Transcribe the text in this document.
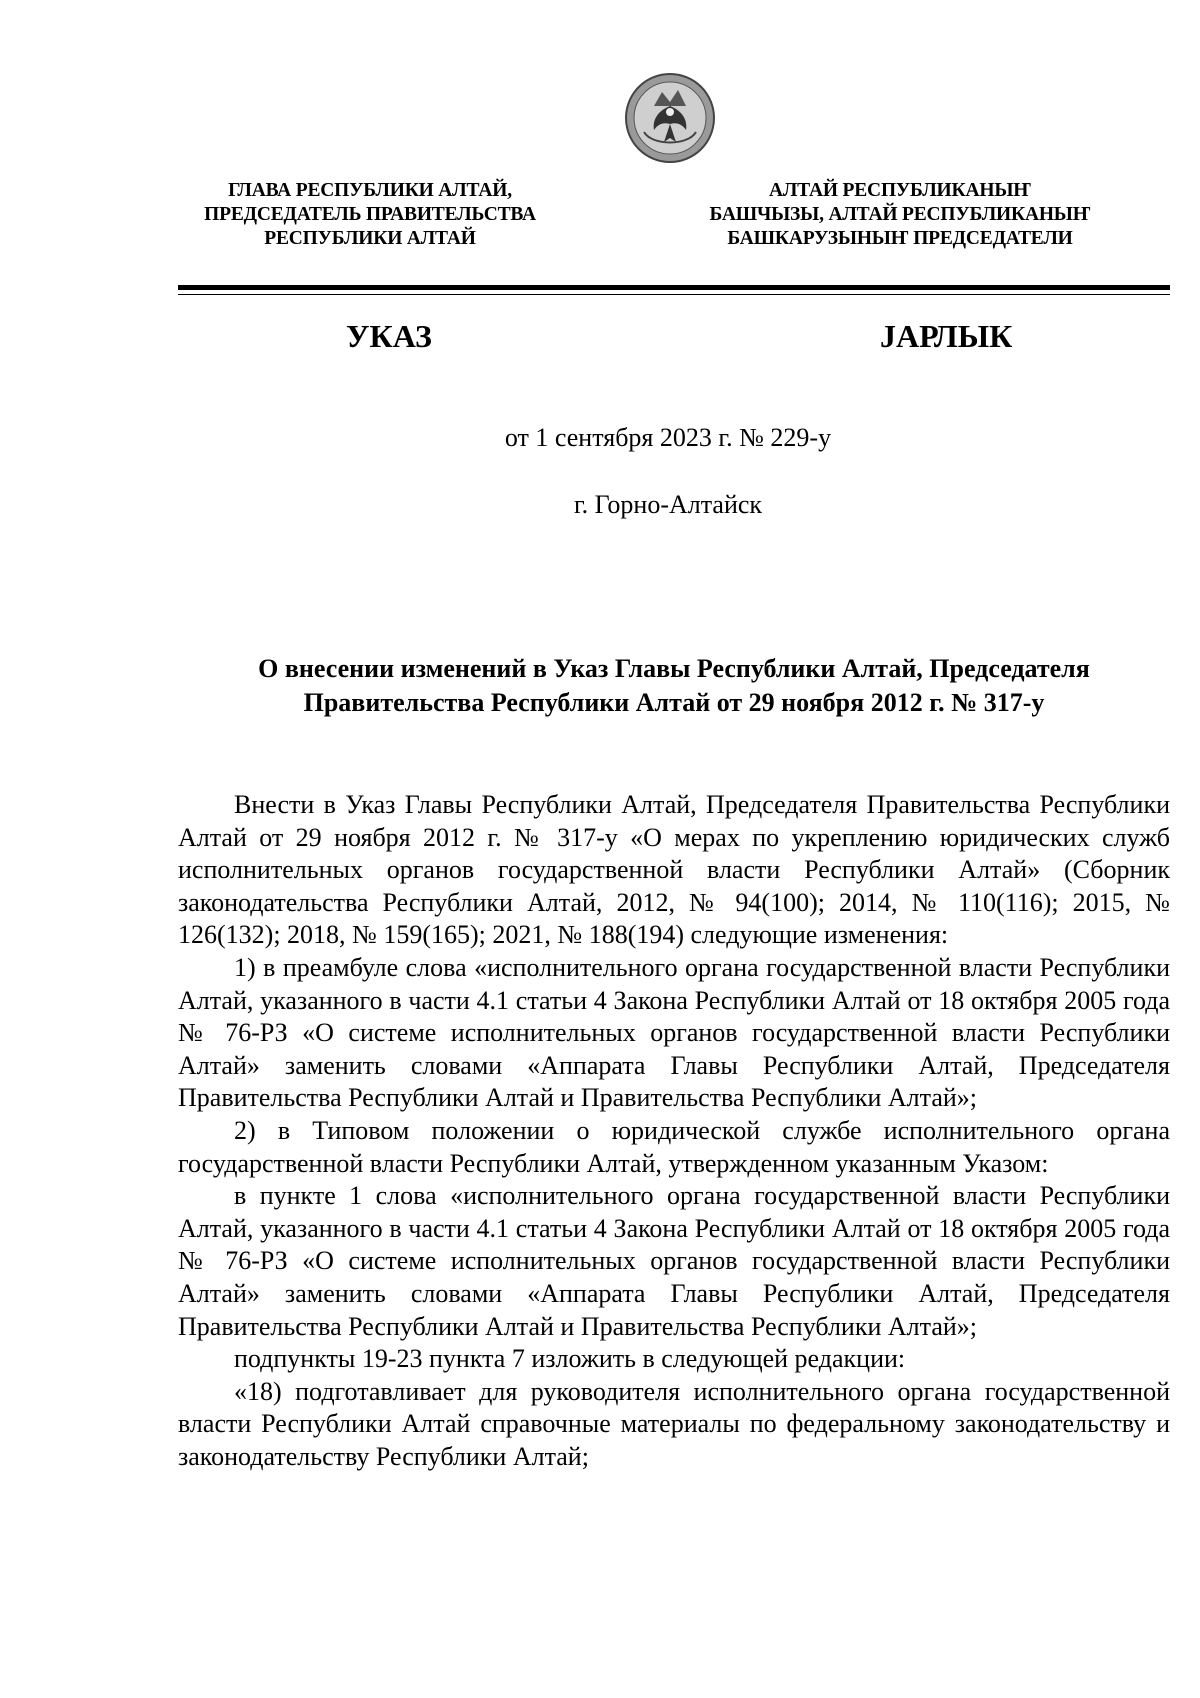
ГЛАВА РЕСПУБЛИКИ АЛТАЙ,
ПРЕДСЕДАТЕЛЬ ПРАВИТЕЛЬСТВА
РЕСПУБЛИКИ АЛТАЙ
АЛТАЙ РЕСПУБЛИКАНЫҤ
БАШЧЫЗЫ, АЛТАЙ РЕСПУБЛИКАНЫҤ
БАШКАРУЗЫНЫҤ ПРЕДСЕДАТЕЛИ
УКАЗ	JАРЛЫК
от 1 сентября 2023 г. № 229-у
г. Горно-Алтайск
О внесении изменений в Указ Главы Республики Алтай, Председателя
Правительства Республики Алтай от 29 ноября 2012 г. № 317-у

Внести в Указ Главы Республики Алтай, Председателя Правительства Республики Алтай от 29 ноября 2012 г. № 317-у «О мерах по укреплению юридических служб исполнительных органов государственной власти Республики Алтай» (Сборник законодательства Республики Алтай, 2012, № 94(100); 2014, № 110(116); 2015, № 126(132); 2018, № 159(165); 2021, № 188(194) следующие изменения:

1) в преамбуле слова «исполнительного органа государственной власти Республики Алтай, указанного в части 4.1 статьи 4 Закона Республики Алтай от 18 октября 2005 года № 76-РЗ «О системе исполнительных органов государственной власти Республики Алтай» заменить словами «Аппарата Главы Республики Алтай, Председателя Правительства Республики Алтай и Правительства Республики Алтай»;

2) в Типовом положении о юридической службе исполнительного органа государственной власти Республики Алтай, утвержденном указанным Указом:

в пункте 1 слова «исполнительного органа государственной власти Республики Алтай, указанного в части 4.1 статьи 4 Закона Республики Алтай от 18 октября 2005 года № 76-РЗ «О системе исполнительных органов государственной власти Республики Алтай» заменить словами «Аппарата Главы Республики Алтай, Председателя Правительства Республики Алтай и Правительства Республики Алтай»;

подпункты 19-23 пункта 7 изложить в следующей редакции:

«18) подготавливает для руководителя исполнительного органа государственной власти Республики Алтай справочные материалы по федеральному законодательству и законодательству Республики Алтай;
